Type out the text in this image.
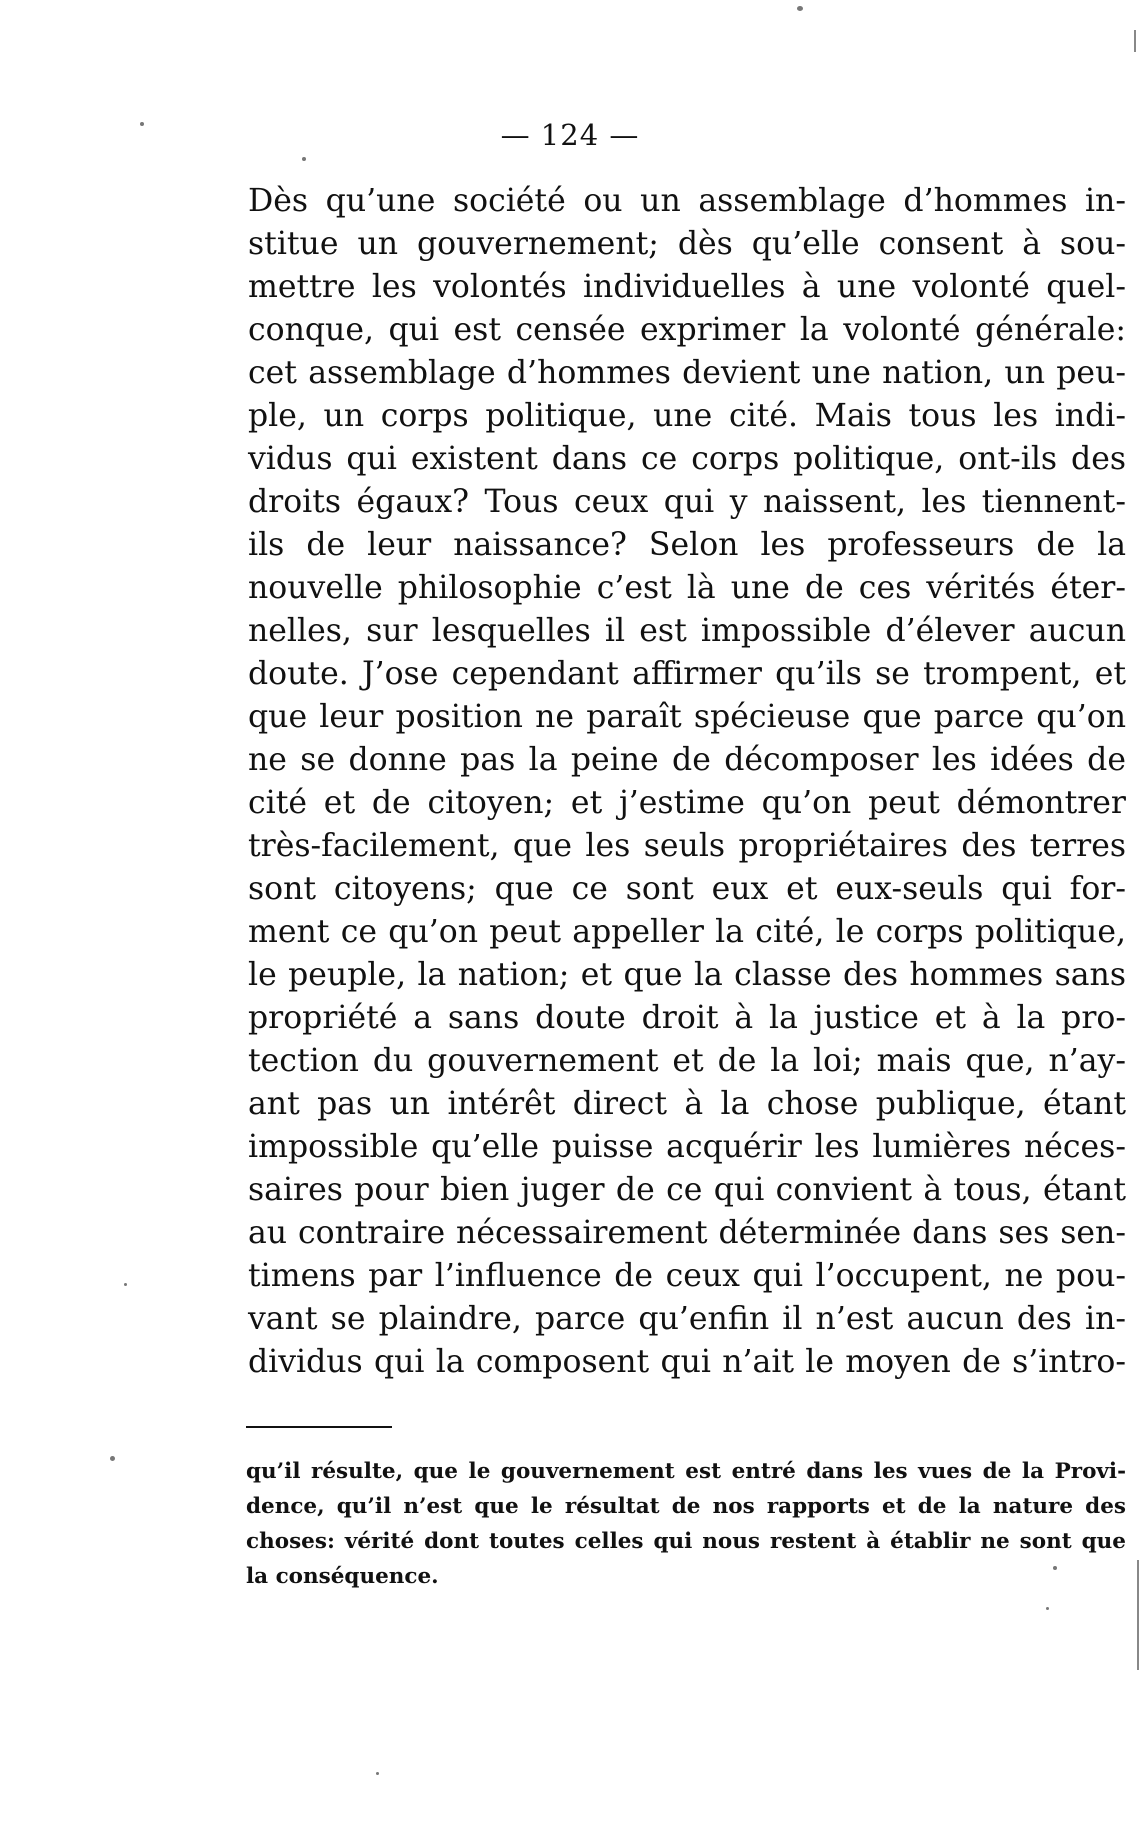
— 124 —
Dès qu’une société ou un assemblage d’hommes in-
stitue un gouvernement; dès qu’elle consent à sou-
mettre les volontés individuelles à une volonté quel-
conque, qui est censée exprimer la volonté générale:
cet assemblage d’hommes devient une nation, un peu-
ple, un corps politique, une cité. Mais tous les indi-
vidus qui existent dans ce corps politique, ont-ils des
droits égaux? Tous ceux qui y naissent, les tiennent-
ils de leur naissance? Selon les professeurs de la
nouvelle philosophie c’est là une de ces vérités éter-
nelles, sur lesquelles il est impossible d’élever aucun
doute. J’ose cependant affirmer qu’ils se trompent, et
que leur position ne paraît spécieuse que parce qu’on
ne se donne pas la peine de décomposer les idées de
cité et de citoyen; et j’estime qu’on peut démontrer
très-facilement, que les seuls propriétaires des terres
sont citoyens; que ce sont eux et eux-seuls qui for-
ment ce qu’on peut appeller la cité, le corps politique,
le peuple, la nation; et que la classe des hommes sans
propriété a sans doute droit à la justice et à la pro-
tection du gouvernement et de la loi; mais que, n’ay-
ant pas un intérêt direct à la chose publique, étant
impossible qu’elle puisse acquérir les lumières néces-
saires pour bien juger de ce qui convient à tous, étant
au contraire nécessairement déterminée dans ses sen-
timens par l’influence de ceux qui l’occupent, ne pou-
vant se plaindre, parce qu’enfin il n’est aucun des in-
dividus qui la composent qui n’ait le moyen de s’intro-
qu’il résulte, que le gouvernement est entré dans les vues de la Provi-
dence, qu’il n’est que le résultat de nos rapports et de la nature des
choses: vérité dont toutes celles qui nous restent à établir ne sont que
la conséquence.
